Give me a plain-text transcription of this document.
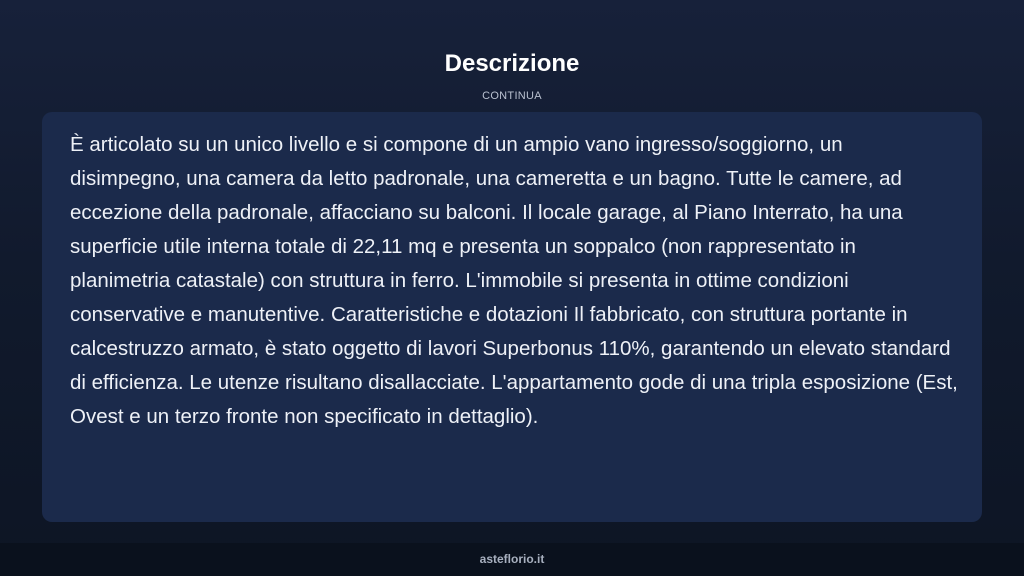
Descrizione
CONTINUA

È articolato su un unico livello e si compone di un ampio vano ingresso/soggiorno, un disimpegno, una camera da letto padronale, una cameretta e un bagno. Tutte le camere, ad eccezione della padronale, affacciano su balconi. Il locale garage, al Piano Interrato, ha una superficie utile interna totale di 22,11 mq e presenta un soppalco (non rappresentato in planimetria catastale) con struttura in ferro. L'immobile si presenta in ottime condizioni conservative e manutentive. Caratteristiche e dotazioni Il fabbricato, con struttura portante in calcestruzzo armato, è stato oggetto di lavori Superbonus 110%, garantendo un elevato standard di efficienza. Le utenze risultano disallacciate. L'appartamento gode di una tripla esposizione (Est, Ovest e un terzo fronte non specificato in dettaglio).

asteflorio.it
